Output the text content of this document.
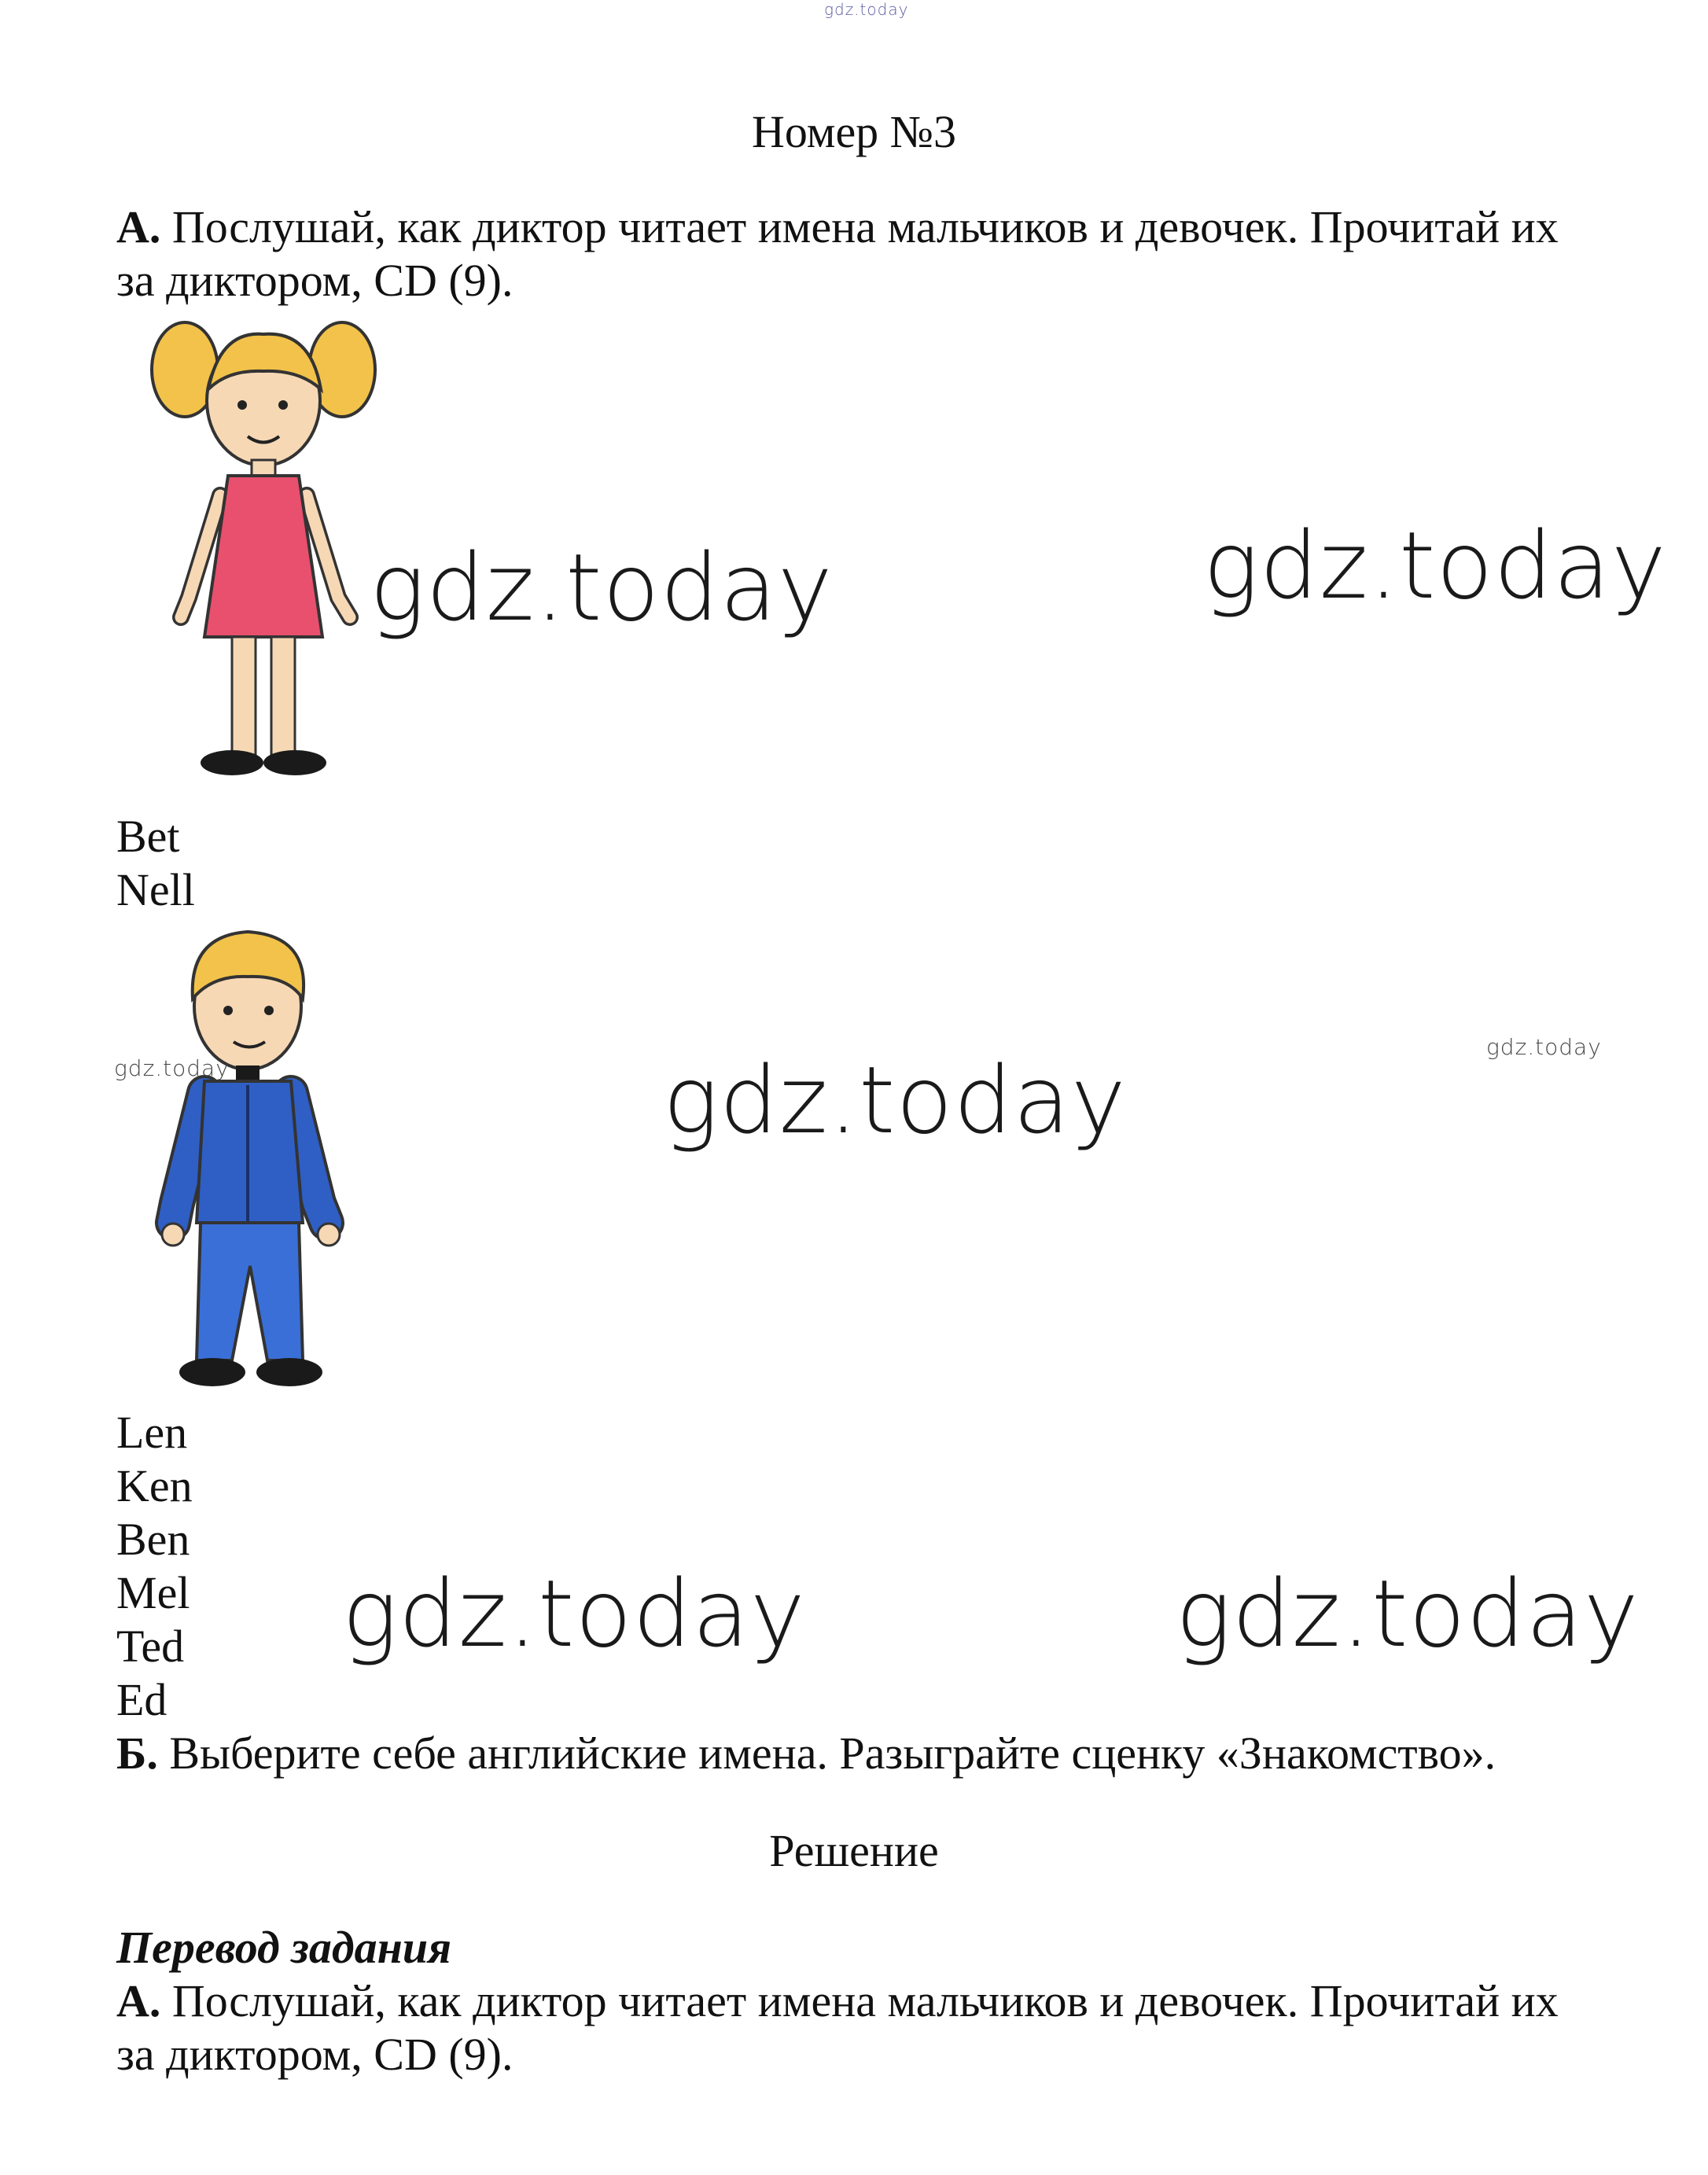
gdz.today
Номер №3
А. Послушай, как диктор читает имена мальчиков и девочек. Прочитай их
за диктором, CD (9).
gdz.today	gdz.today
Bet
Nell
gdz.today	gdz.today	gdz.today
Len
Ken
Ben
Mel
Ted
Ed
gdz.today	gdz.today
Б. Выберите себе английские имена. Разыграйте сценку «Знакомство».
Решение
Перевод задания
А. Послушай, как диктор читает имена мальчиков и девочек. Прочитай их
за диктором, CD (9).
